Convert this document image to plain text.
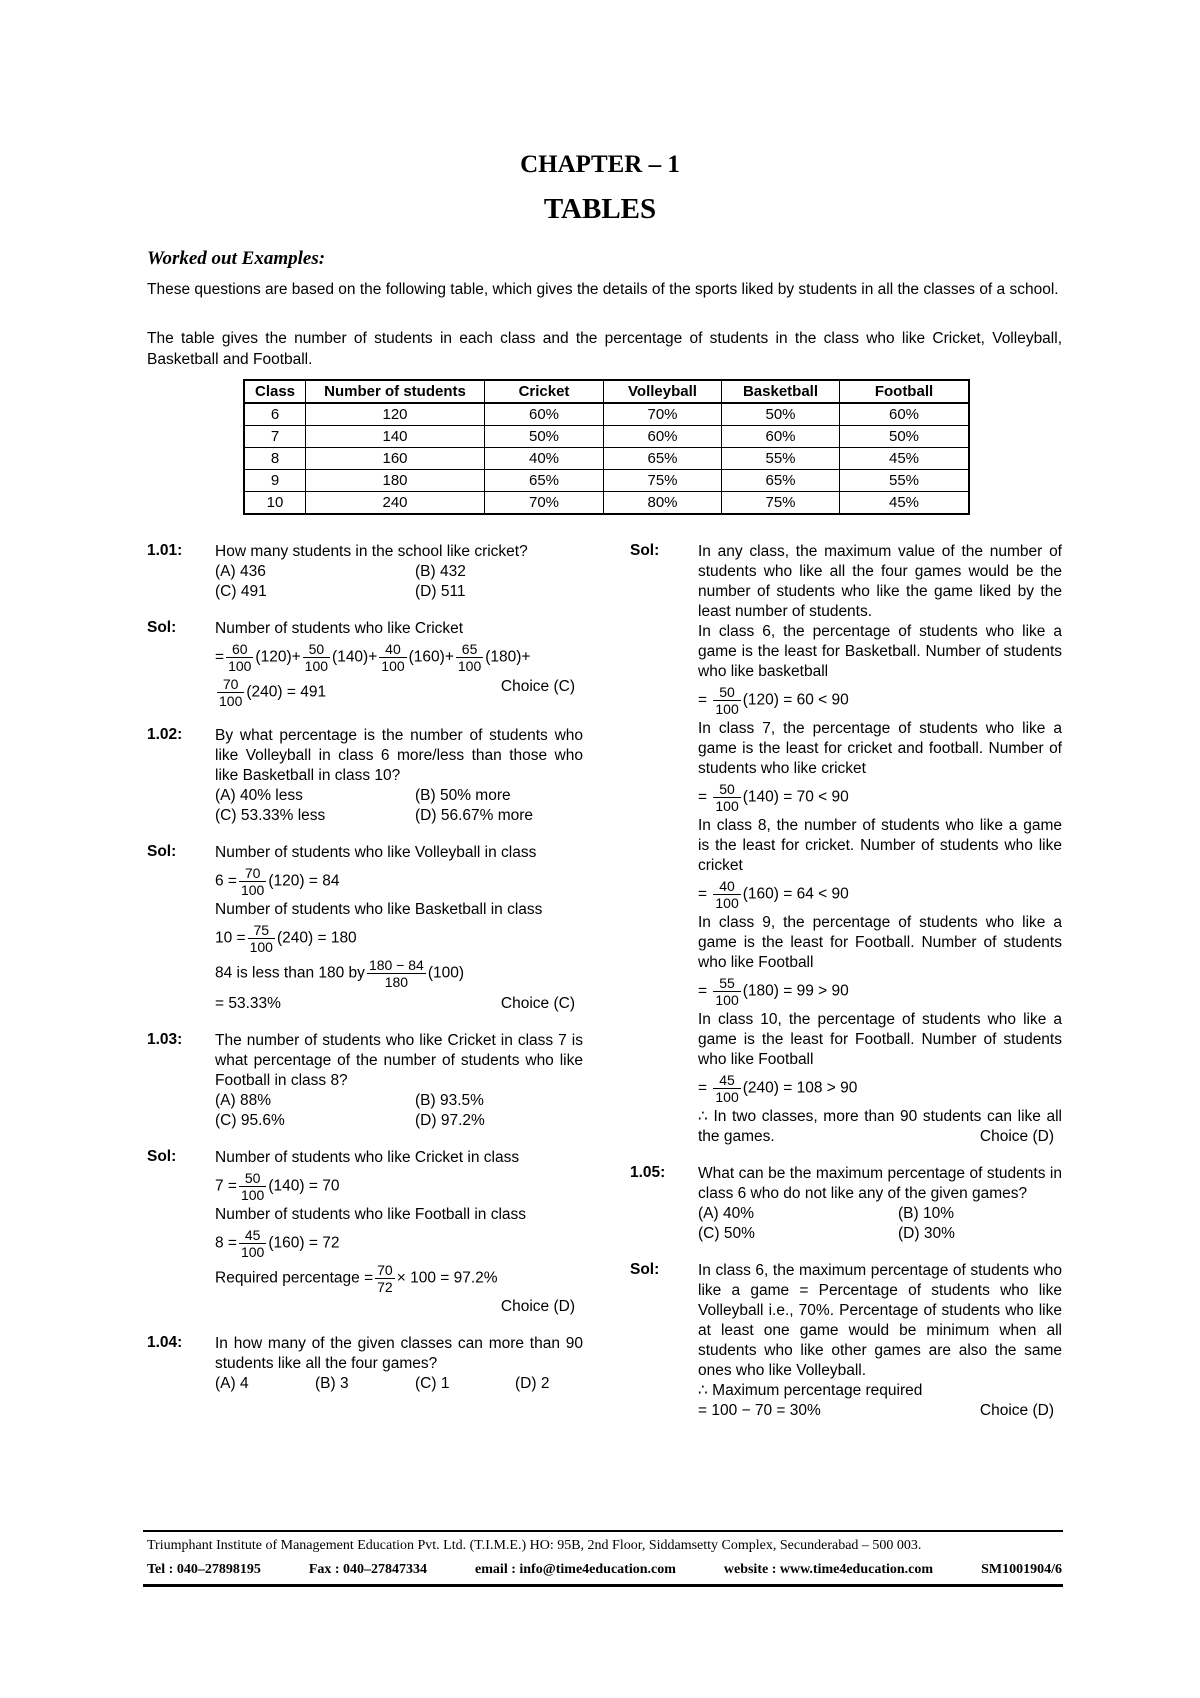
CHAPTER – 1
TABLES
Worked out Examples:
These questions are based on the following table, which gives the details of the sports liked by students in all the classes of a school.
The table gives the number of students in each class and the percentage of students in the class who like Cricket, Volleyball, Basketball and Football.
Class	Number of students	Cricket	Volleyball	Basketball	Football
6	120	60%	70%	50%	60%
7	140	50%	60%	60%	50%
8	160	40%	65%	55%	45%
9	180	65%	75%	65%	55%
10	240	70%	80%	75%	45%
1.01:	How many students in the school like cricket?
(A) 436	(B) 432
(C) 491	(D) 511
Sol:	Number of students who like Cricket
= $\frac{60}{100} (120)+ \frac{50}{100} (140)+ \frac{40}{100} (160)+ \frac{65}{100} (180)+$
$\frac{70}{100} (240) = 491$	Choice (C)
1.02:	By what percentage is the number of students who like Volleyball in class 6 more/less than those who like Basketball in class 10?
(A) 40% less	(B) 50% more
(C) 53.33% less	(D) 56.67% more
Sol:	Number of students who like Volleyball in class
$6 = \frac{70}{100} (120) = 84$
Number of students who like Basketball in class
$10 = \frac{75}{100} (240) = 180$
84 is less than 180 by $\frac{180 - 84}{180} (100)$
= 53.33%	Choice (C)
1.03:	The number of students who like Cricket in class 7 is what percentage of the number of students who like Football in class 8?
(A) 88%	(B) 93.5%
(C) 95.6%	(D) 97.2%
Sol:	Number of students who like Cricket in class
$7 = \frac{50}{100} (140) = 70$
Number of students who like Football in class
$8 = \frac{45}{100} (160) = 72$
Required percentage = $\frac{70}{72} \times 100 = 97.2\%$
Choice (D)
1.04:	In how many of the given classes can more than 90 students like all the four games?
(A) 4	(B) 3	(C) 1	(D) 2
Sol:	In any class, the maximum value of the number of students who like all the four games would be the number of students who like the game liked by the least number of students.
In class 6, the percentage of students who like a game is the least for Basketball. Number of students who like basketball
= $\frac{50}{100} (120) = 60 < 90$
In class 7, the percentage of students who like a game is the least for cricket and football. Number of students who like cricket
= $\frac{50}{100} (140) = 70 < 90$
In class 8, the number of students who like a game is the least for cricket. Number of students who like cricket
= $\frac{40}{100} (160) = 64 < 90$
In class 9, the percentage of students who like a game is the least for Football. Number of students who like Football
= $\frac{55}{100} (180) = 99 > 90$
In class 10, the percentage of students who like a game is the least for Football. Number of students who like Football
= $\frac{45}{100} (240) = 108 > 90$
∴ In two classes, more than 90 students can like all the games.	Choice (D)
1.05:	What can be the maximum percentage of students in class 6 who do not like any of the given games?
(A) 40%	(B) 10%
(C) 50%	(D) 30%
Sol:	In class 6, the maximum percentage of students who like a game = Percentage of students who like Volleyball i.e., 70%. Percentage of students who like at least one game would be minimum when all students who like other games are also the same ones who like Volleyball.
∴ Maximum percentage required
= 100 − 70 = 30%	Choice (D)
Triumphant Institute of Management Education Pvt. Ltd. (T.I.M.E.) HO: 95B, 2nd Floor, Siddamsetty Complex, Secunderabad – 500 003.
Tel : 040–27898195	Fax : 040–27847334	email : info@time4education.com	website : www.time4education.com	SM1001904/6
